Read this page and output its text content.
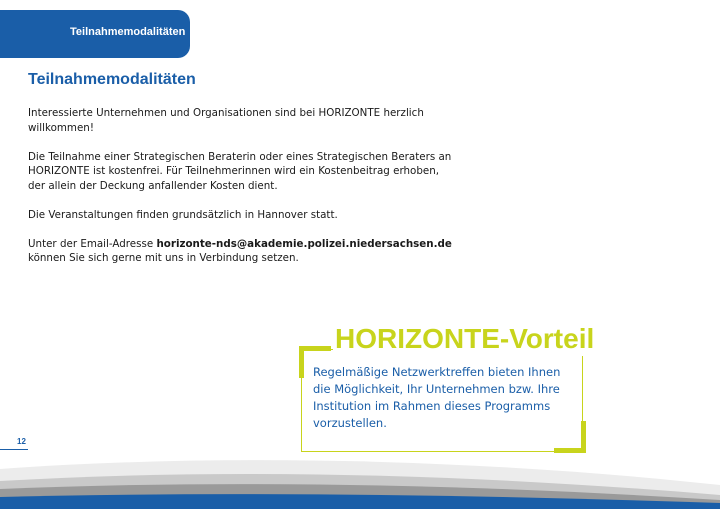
Teilnahmemodalitäten
Teilnahmemodalitäten

Interessierte Unternehmen und Organisationen sind bei HORIZONTE herzlich willkommen!

Die Teilnahme einer Strategischen Beraterin oder eines Strategischen Beraters an HORIZONTE ist kostenfrei. Für Teilnehmerinnen wird ein Kostenbeitrag erhoben, der allein der Deckung anfallender Kosten dient.

Die Veranstaltungen finden grundsätzlich in Hannover statt.

Unter der Email-Adresse horizonte-nds@akademie.polizei.niedersachsen.de können Sie sich gerne mit uns in Verbindung setzen.

HORIZONTE-Vorteil
Regelmäßige Netzwerktreffen bieten Ihnen die Möglichkeit, Ihr Unternehmen bzw. Ihre Institution im Rahmen dieses Programms vorzustellen.
12
